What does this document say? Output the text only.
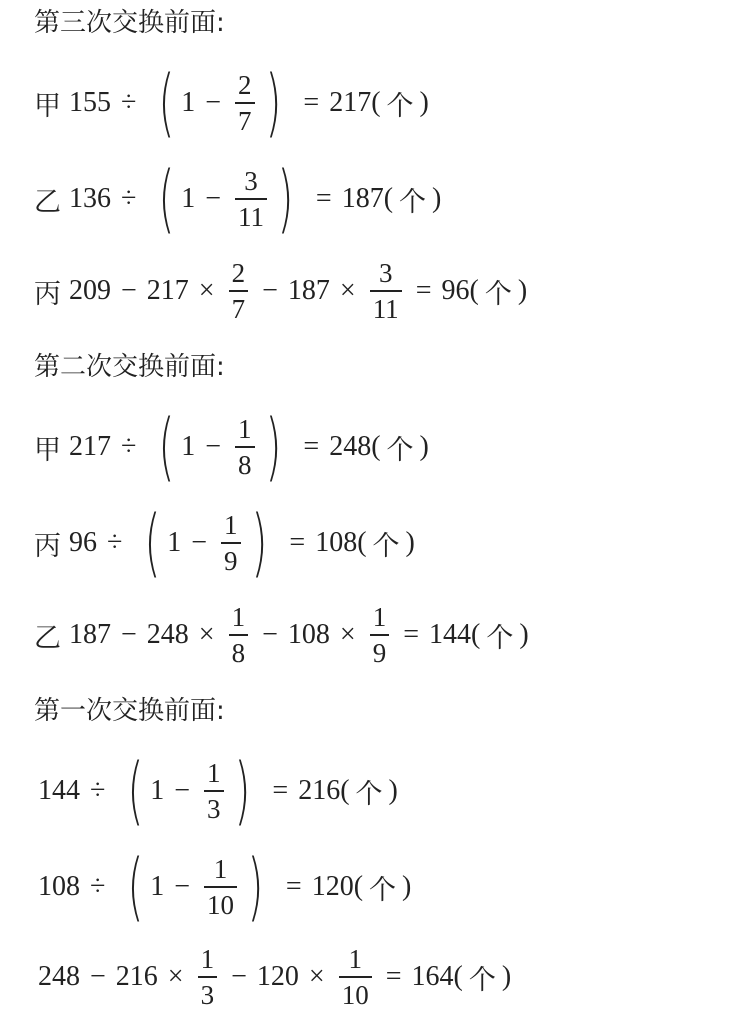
第三次交换前面:
甲 155 ÷ ( $1 - \frac{2}{7}$ ) = 217( 个 )
乙 136 ÷ ( $1 - \frac{3}{11}$ ) = 187( 个 )
丙 $209 - 217 \times \frac{2}{7} - 187 \times \frac{3}{11} = 96$( 个 )
第二次交换前面:
甲 217 ÷ ( $1 - \frac{1}{8}$ ) = 248( 个 )
丙 96 ÷ ( $1 - \frac{1}{9}$ ) = 108( 个 )
乙 $187 - 248 \times \frac{1}{8} - 108 \times \frac{1}{9} = 144$( 个 )
第一次交换前面:
144 ÷ ( $1 - \frac{1}{3}$ ) = 216( 个 )
108 ÷ ( $1 - \frac{1}{10}$ ) = 120( 个 )
$248 - 216 \times \frac{1}{3} - 120 \times \frac{1}{10} = 164$( 个 )
